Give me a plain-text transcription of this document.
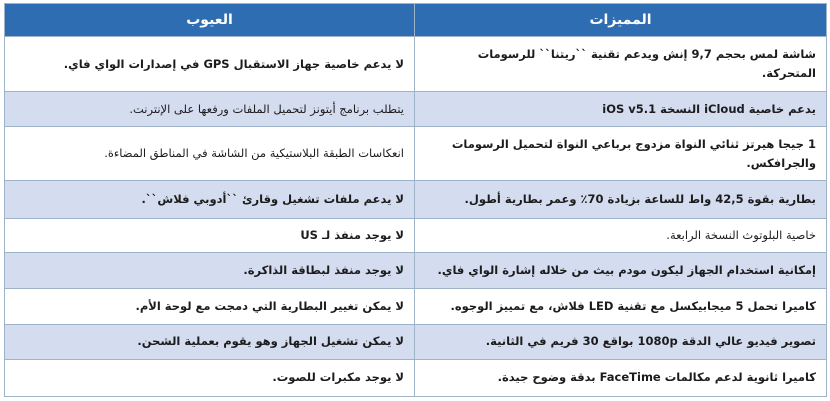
المميزات	العيوب
شاشة لمس بحجم 9,7 إنش ويدعم تقنية ``ريتنا`` للرسومات المتحركة.	لا يدعم خاصية جهاز الاستقبال GPS في إصدارات الواي فاي.
يدعم خاصية iCloud النسخة iOS v5.1	يتطلب برنامج أيتونز لتحميل الملفات ورفعها على الإنترنت.
1 جيجا هيرتز ثنائي النواة مزدوج برباعي النواة لتحميل الرسومات والجرافكس.	انعكاسات الطبقة البلاستيكية من الشاشة في المناطق المضاءة.
بطارية بقوة 42,5 واط للساعة بزيادة 70٪ وعمر بطارية أطول.	لا يدعم ملفات تشغيل وقارئ ``أدوبي فلاش``.
خاصية البلوتوث النسخة الرابعة.	لا يوجد منفذ لـ US
إمكانية استخدام الجهاز ليكون مودم بيث من خلاله إشارة الواي فاي.	لا يوجد منفذ لبطاقة الذاكرة.
كاميرا تحمل 5 ميجابيكسل مع تقنية LED فلاش، مع تمييز الوجوه.	لا يمكن تغيير البطارية التي دمجت مع لوحة الأم.
تصوير فيديو عالي الدقة 1080p بواقع 30 فريم في الثانية.	لا يمكن تشغيل الجهاز وهو يقوم بعملية الشحن.
كاميرا ثانوية لدعم مكالمات FaceTime بدقة وضوح جيدة.	لا يوجد مكبرات للصوت.
